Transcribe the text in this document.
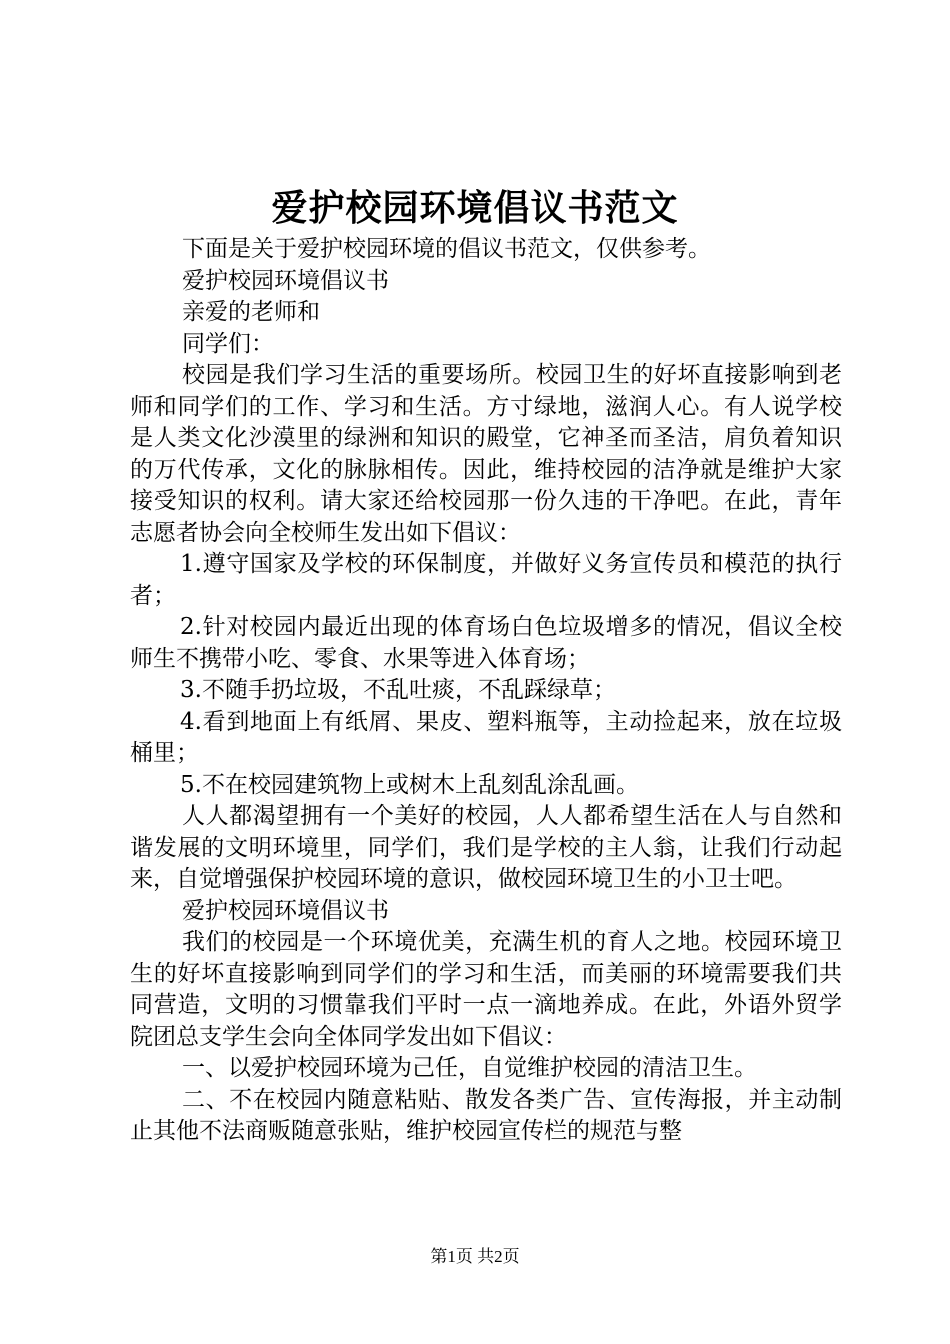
爱护校园环境倡议书范文

下面是关于爱护校园环境的倡议书范文，仅供参考。

爱护校园环境倡议书

亲爱的老师和

同学们：

校园是我们学习生活的重要场所。校园卫生的好坏直接影响到老师和同学们的工作、学习和生活。方寸绿地，滋润人心。有人说学校是人类文化沙漠里的绿洲和知识的殿堂，它神圣而圣洁，肩负着知识的万代传承，文化的脉脉相传。因此，维持校园的洁净就是维护大家接受知识的权利。请大家还给校园那一份久违的干净吧。在此，青年志愿者协会向全校师生发出如下倡议：

1.遵守国家及学校的环保制度，并做好义务宣传员和模范的执行者；

2.针对校园内最近出现的体育场白色垃圾增多的情况，倡议全校师生不携带小吃、零食、水果等进入体育场；

3.不随手扔垃圾，不乱吐痰，不乱踩绿草；

4.看到地面上有纸屑、果皮、塑料瓶等，主动捡起来，放在垃圾桶里；

5.不在校园建筑物上或树木上乱刻乱涂乱画。

人人都渴望拥有一个美好的校园，人人都希望生活在人与自然和谐发展的文明环境里，同学们，我们是学校的主人翁，让我们行动起来，自觉增强保护校园环境的意识，做校园环境卫生的小卫士吧。

爱护校园环境倡议书

我们的校园是一个环境优美，充满生机的育人之地。校园环境卫生的好坏直接影响到同学们的学习和生活，而美丽的环境需要我们共同营造，文明的习惯靠我们平时一点一滴地养成。在此，外语外贸学院团总支学生会向全体同学发出如下倡议：

一、以爱护校园环境为己任，自觉维护校园的清洁卫生。

二、不在校园内随意粘贴、散发各类广告、宣传海报，并主动制止其他不法商贩随意张贴，维护校园宣传栏的规范与整

第1页 共2页
